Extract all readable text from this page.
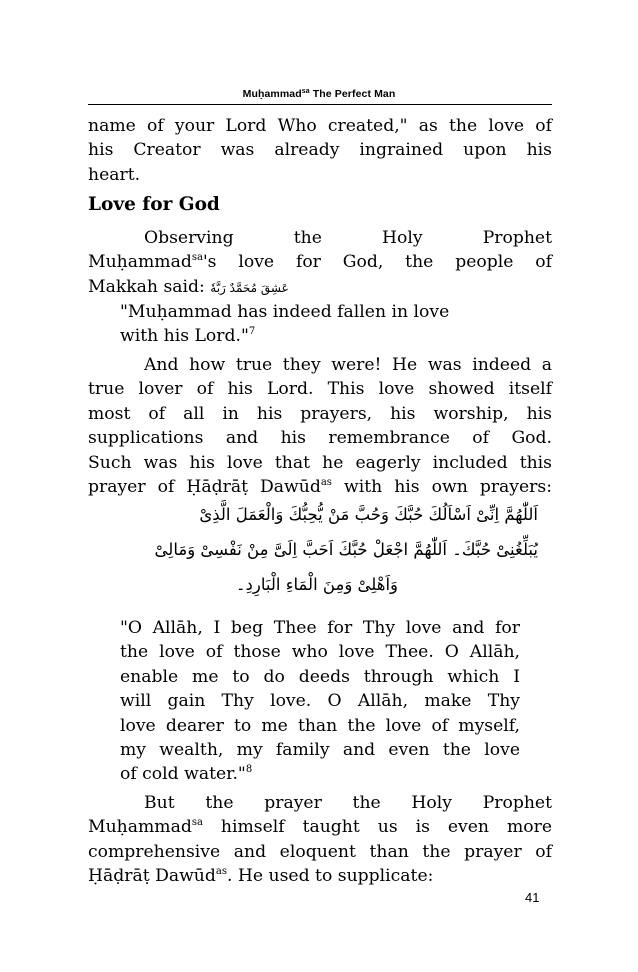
Muḥammad$^{sa}$ The Perfect Man
name of your Lord Who created," as the love of
his Creator was already ingrained upon his
heart.
Love for God
Observing the Holy Prophet
Muḥammad$^{sa}$'s love for God, the people of
Makkah said: عَشِقَ مُحَمَّدٌ رَبَّهٗ
"Muḥammad has indeed fallen in love
with his Lord."$^7$
And how true they were! He was indeed a
true lover of his Lord. This love showed itself
most of all in his prayers, his worship, his
supplications and his remembrance of God.
Such was his love that he eagerly included this
prayer of Ḥāḍrāṭ Dawūd$^{as}$ with his own prayers:
اَللّٰهُمَّ اِنِّیْ اَسْاَلُكَ حُبَّكَ وَحُبَّ مَنْ یُّحِبُّكَ وَالْعَمَلَ الَّذِیْ
یُبَلِّغُنِیْ حُبَّكَ۔ اَللّٰهُمَّ اجْعَلْ حُبَّكَ اَحَبَّ اِلَیَّ مِنْ نَفْسِیْ وَمَالِیْ
وَاَهْلِیْ وَمِنَ الْمَاءِ الْبَارِدِ۔
"O Allāh, I beg Thee for Thy love and for
the love of those who love Thee. O Allāh,
enable me to do deeds through which I
will gain Thy love. O Allāh, make Thy
love dearer to me than the love of myself,
my wealth, my family and even the love
of cold water."$^8$
But the prayer the Holy Prophet
Muḥammad$^{sa}$ himself taught us is even more
comprehensive and eloquent than the prayer of
Ḥāḍrāṭ Dawūd$^{as}$. He used to supplicate:
41
